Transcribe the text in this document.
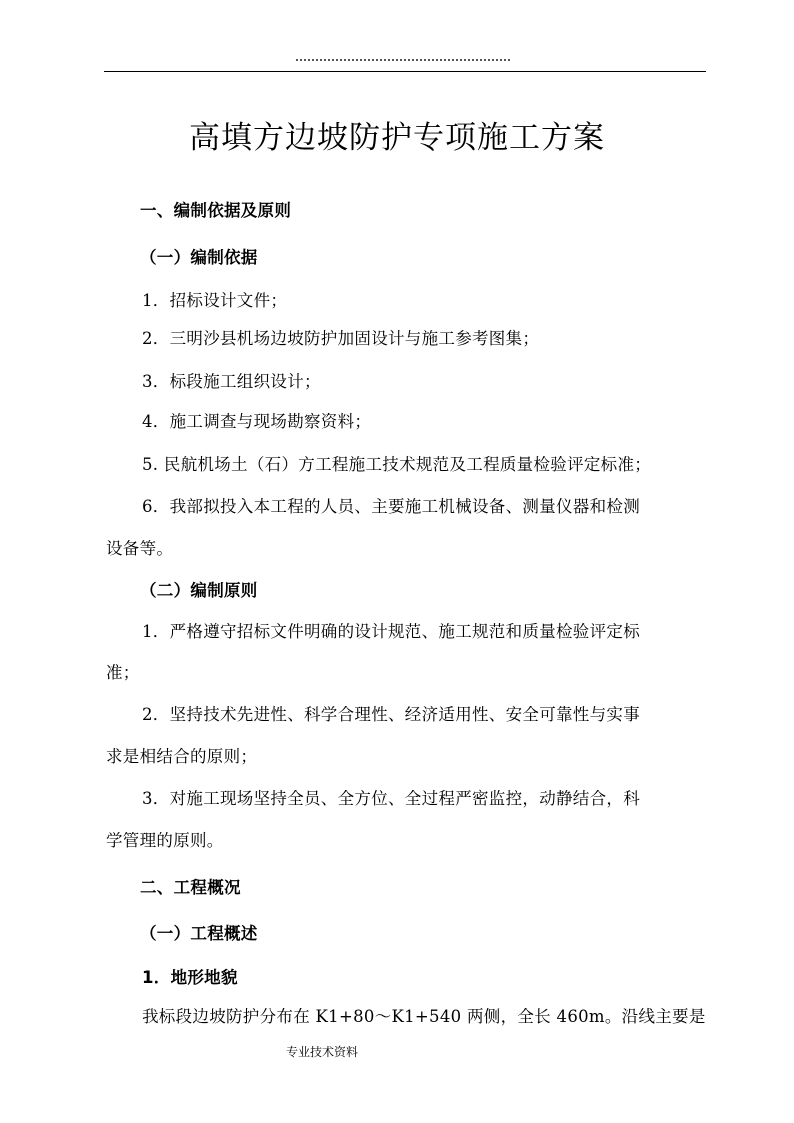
高填方边坡防护专项施工方案
一、编制依据及原则
（一）编制依据
1．招标设计文件；
2．三明沙县机场边坡防护加固设计与施工参考图集；
3．标段施工组织设计；
4．施工调查与现场勘察资料；
5. 民航机场土（石）方工程施工技术规范及工程质量检验评定标准；
6．我部拟投入本工程的人员、主要施工机械设备、测量仪器和检测
设备等。
（二）编制原则
1．严格遵守招标文件明确的设计规范、施工规范和质量检验评定标
准；
2．坚持技术先进性、科学合理性、经济适用性、安全可靠性与实事
求是相结合的原则；
3．对施工现场坚持全员、全方位、全过程严密监控，动静结合，科
学管理的原则。
二、工程概况
（一）工程概述
1．地形地貌
我标段边坡防护分布在 K1+80～K1+540 两侧，全长 460m。沿线主要是
专业技术资料
